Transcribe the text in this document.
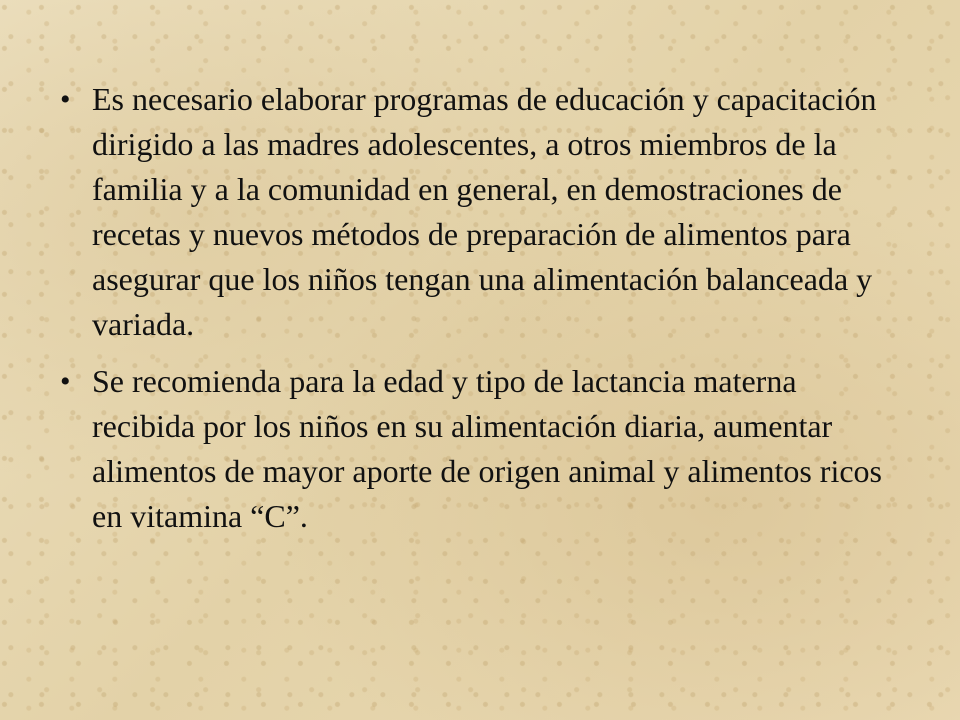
• Es necesario elaborar programas de educación y capacitación dirigido a las madres adolescentes, a otros miembros de la familia y a la comunidad en general, en demostraciones de recetas y nuevos métodos de preparación de alimentos para asegurar que los niños tengan una alimentación balanceada y variada.
• Se recomienda para la edad y tipo de lactancia materna recibida por los niños en su alimentación diaria, aumentar alimentos de mayor aporte de origen animal y alimentos ricos en vitamina “C”.
